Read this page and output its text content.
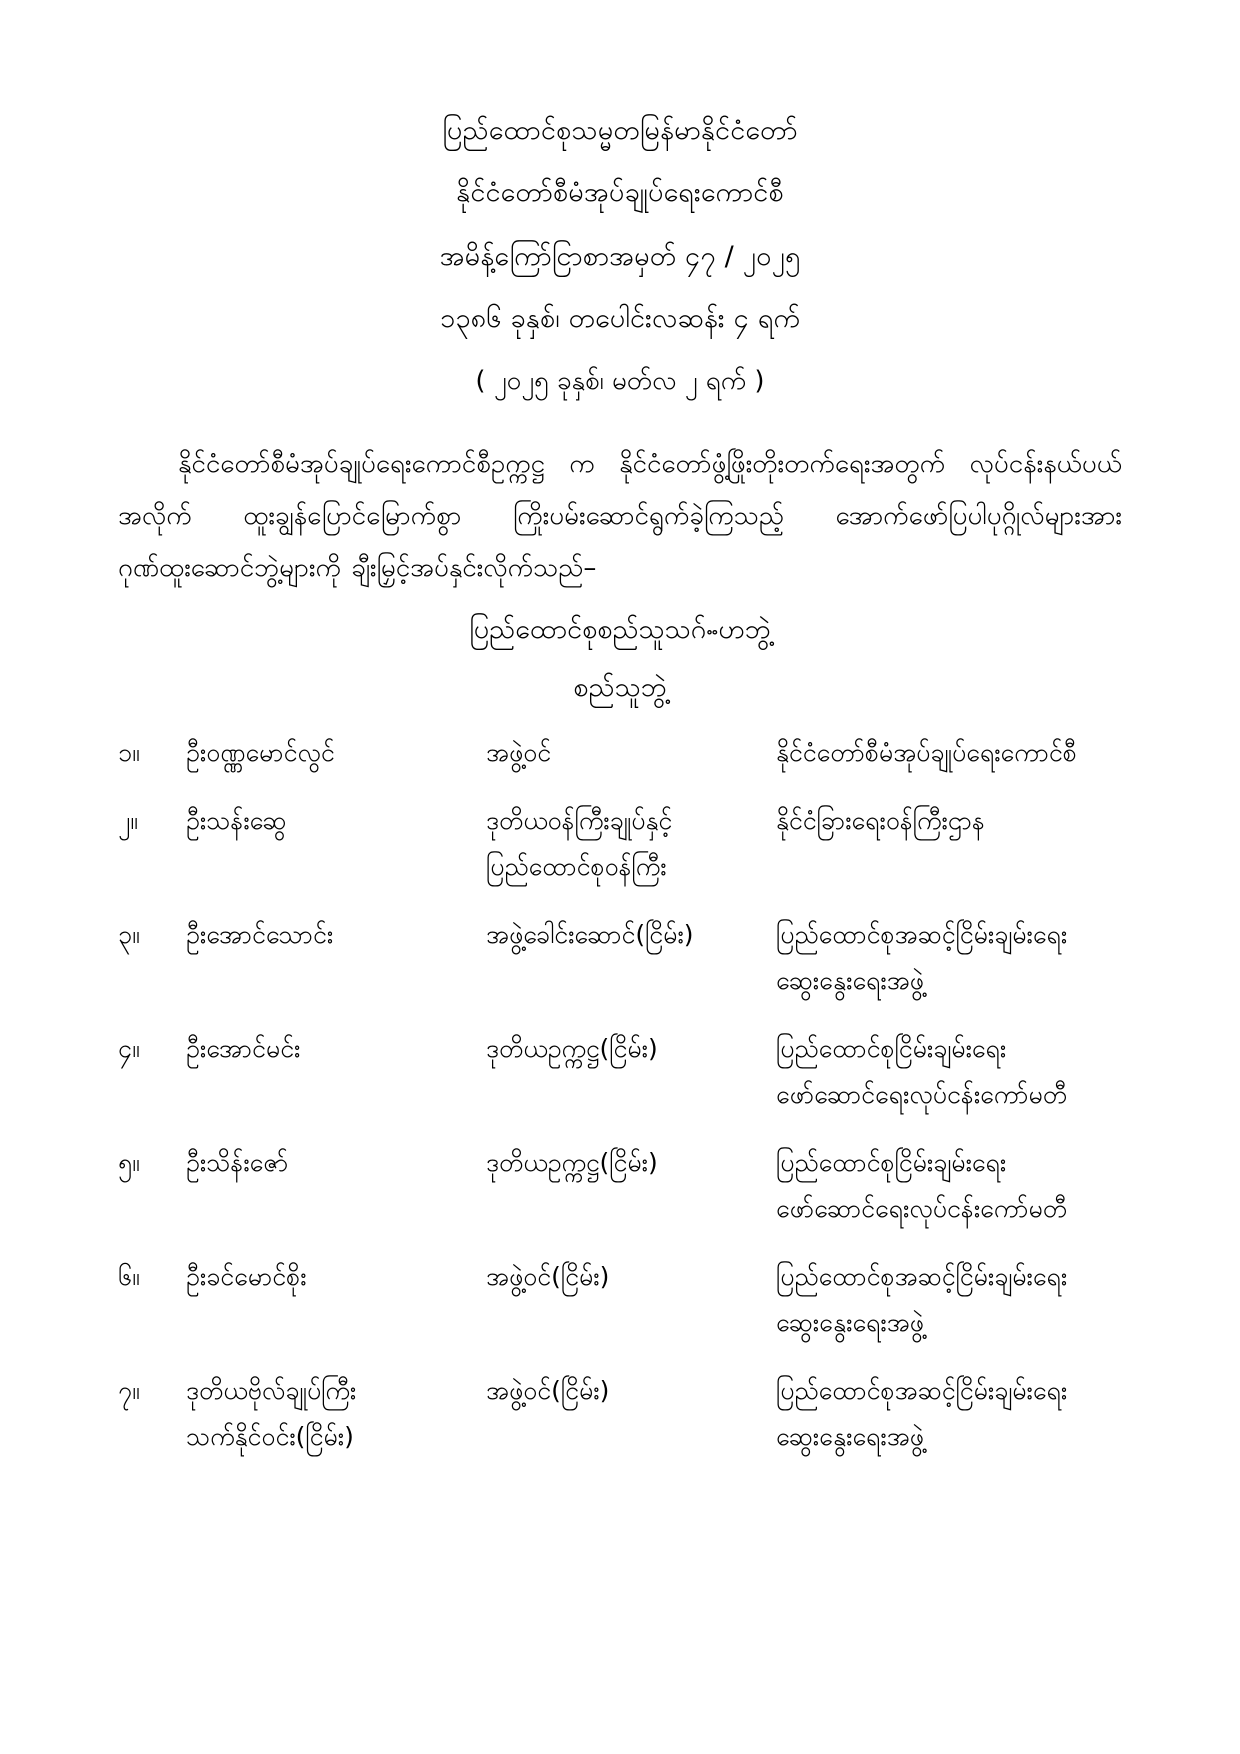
ပြည်ထောင်စုသမ္မတမြန်မာနိုင်ငံတော်
နိုင်ငံတော်စီမံအုပ်ချုပ်ရေးကောင်စီ
အမိန့်ကြော်ငြာစာအမှတ် ၄၇ / ၂၀၂၅
၁၃၈၆ ခုနှစ်၊ တပေါင်းလဆန်း ၄ ရက်
( ၂၀၂၅ ခုနှစ်၊ မတ်လ ၂ ရက် )
နိုင်ငံတော်စီမံအုပ်ချုပ်ရေးကောင်စီဥက္ကဋ္ဌ က နိုင်ငံတော်ဖွံ့ဖြိုးတိုးတက်ရေးအတွက် လုပ်ငန်းနယ်ပယ်အလိုက် ထူးချွန်ပြောင်မြောက်စွာ ကြိုးပမ်းဆောင်ရွက်ခဲ့ကြသည့် အောက်ဖော်ပြပါပုဂ္ဂိုလ်များအား ဂုဏ်ထူးဆောင်ဘွဲ့များကို ချီးမြှင့်အပ်နှင်းလိုက်သည်–
ပြည်ထောင်စုစည်သူသဂ်ႌဟဘွဲ့
စည်သူဘွဲ့
၁။	ဦးဝဏ္ဏမောင်လွင်	အဖွဲ့ဝင်	နိုင်ငံတော်စီမံအုပ်ချုပ်ရေးကောင်စီ
၂။	ဦးသန်းဆွေ	ဒုတိယဝန်ကြီးချုပ်နှင့်
ပြည်ထောင်စုဝန်ကြီး	နိုင်ငံခြားရေးဝန်ကြီးဌာန
၃။	ဦးအောင်သောင်း	အဖွဲ့ခေါင်းဆောင်(ငြိမ်း)	ပြည်ထောင်စုအဆင့်ငြိမ်းချမ်းရေး
ဆွေးနွေးရေးအဖွဲ့

၄။	ဦးအောင်မင်း	ဒုတိယဥက္ကဋ္ဌ(ငြိမ်း)	ပြည်ထောင်စုငြိမ်းချမ်းရေး
ဖော်ဆောင်ရေးလုပ်ငန်းကော်မတီ

၅။	ဦးသိန်းဇော်	ဒုတိယဥက္ကဋ္ဌ(ငြိမ်း)	ပြည်ထောင်စုငြိမ်းချမ်းရေး
ဖော်ဆောင်ရေးလုပ်ငန်းကော်မတီ

၆။	ဦးခင်မောင်စိုး	အဖွဲ့ဝင်(ငြိမ်း)	ပြည်ထောင်စုအဆင့်ငြိမ်းချမ်းရေး
ဆွေးနွေးရေးအဖွဲ့

၇။	ဒုတိယဗိုလ်ချုပ်ကြီး
သက်နိုင်ဝင်း(ငြိမ်း)	အဖွဲ့ဝင်(ငြိမ်း)	ပြည်ထောင်စုအဆင့်ငြိမ်းချမ်းရေး
ဆွေးနွေးရေးအဖွဲ့
